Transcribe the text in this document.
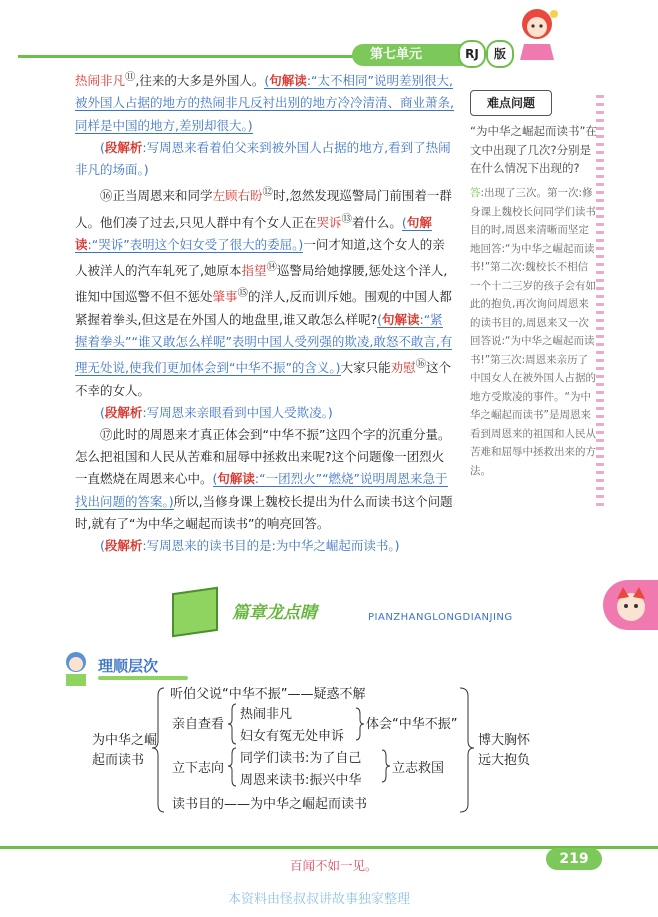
第七单元	RJ	版

热闹非凡⑪,往来的大多是外国人。(句解读:“太不相同”说明差别很大,被外国人占据的地方的热闹非凡反衬出别的地方冷冷清清、商业萧条,同样是中国的地方,差别却很大。)

(段解析:写周恩来看着伯父来到被外国人占据的地方,看到了热闹非凡的场面。)

⑯正当周恩来和同学左顾右盼⑫时,忽然发现巡警局门前围着一群人。他们凑了过去,只见人群中有个女人正在哭诉⑬着什么。(句解读:“哭诉”表明这个妇女受了很大的委屈。)一问才知道,这个女人的亲人被洋人的汽车轧死了,她原本指望⑭巡警局给她撑腰,惩处这个洋人,谁知中国巡警不但不惩处肇事⑮的洋人,反而训斥她。围观的中国人都紧握着拳头,但这是在外国人的地盘里,谁又敢怎么样呢?(句解读:“紧握着拳头”“谁又敢怎么样呢”表明中国人受列强的欺凌,敢怒不敢言,有理无处说,使我们更加体会到“中华不振”的含义。)大家只能劝慰⑯这个不幸的女人。

(段解析:写周恩来亲眼看到中国人受欺凌。)

⑰此时的周恩来才真正体会到“中华不振”这四个字的沉重分量。怎么把祖国和人民从苦难和屈辱中拯救出来呢?这个问题像一团烈火一直燃烧在周恩来心中。(句解读:“一团烈火”“燃烧”说明周恩来急于找出问题的答案。)所以,当修身课上魏校长提出为什么而读书这个问题时,就有了“为中华之崛起而读书”的响亮回答。

(段解析:写周恩来的读书目的是:为中华之崛起而读书。)

难点问题
“为中华之崛起而读书”在文中出现了几次?分别是在什么情况下出现的?
答:出现了三次。第一次:修身课上魏校长问同学们读书目的时,周恩来清晰而坚定地回答:“为中华之崛起而读书!”第二次:魏校长不相信一个十二三岁的孩子会有如此的抱负,再次询问周恩来的读书目的,周恩来又一次回答说:“为中华之崛起而读书!”第三次:周恩来亲历了中国女人在被外国人占据的地方受欺凌的事件。“为中华之崛起而读书”是周恩来看到周恩来的祖国和人民从苦难和屈辱中拯救出来的方法。
篇章龙点睛	PIANZHANGLONGDIANJING
理顺层次
为中华之崛
起而读书
听伯父说“中华不振”——疑惑不解
亲自查看
热闹非凡
妇女有冤无处申诉
体会“中华不振”
立下志向
同学们读书:为了自己
周恩来读书:振兴中华
立志救国
读书目的——为中华之崛起而读书
博大胸怀
远大抱负
百闻不如一见。	219
本资料由怪叔叔讲故事独家整理
